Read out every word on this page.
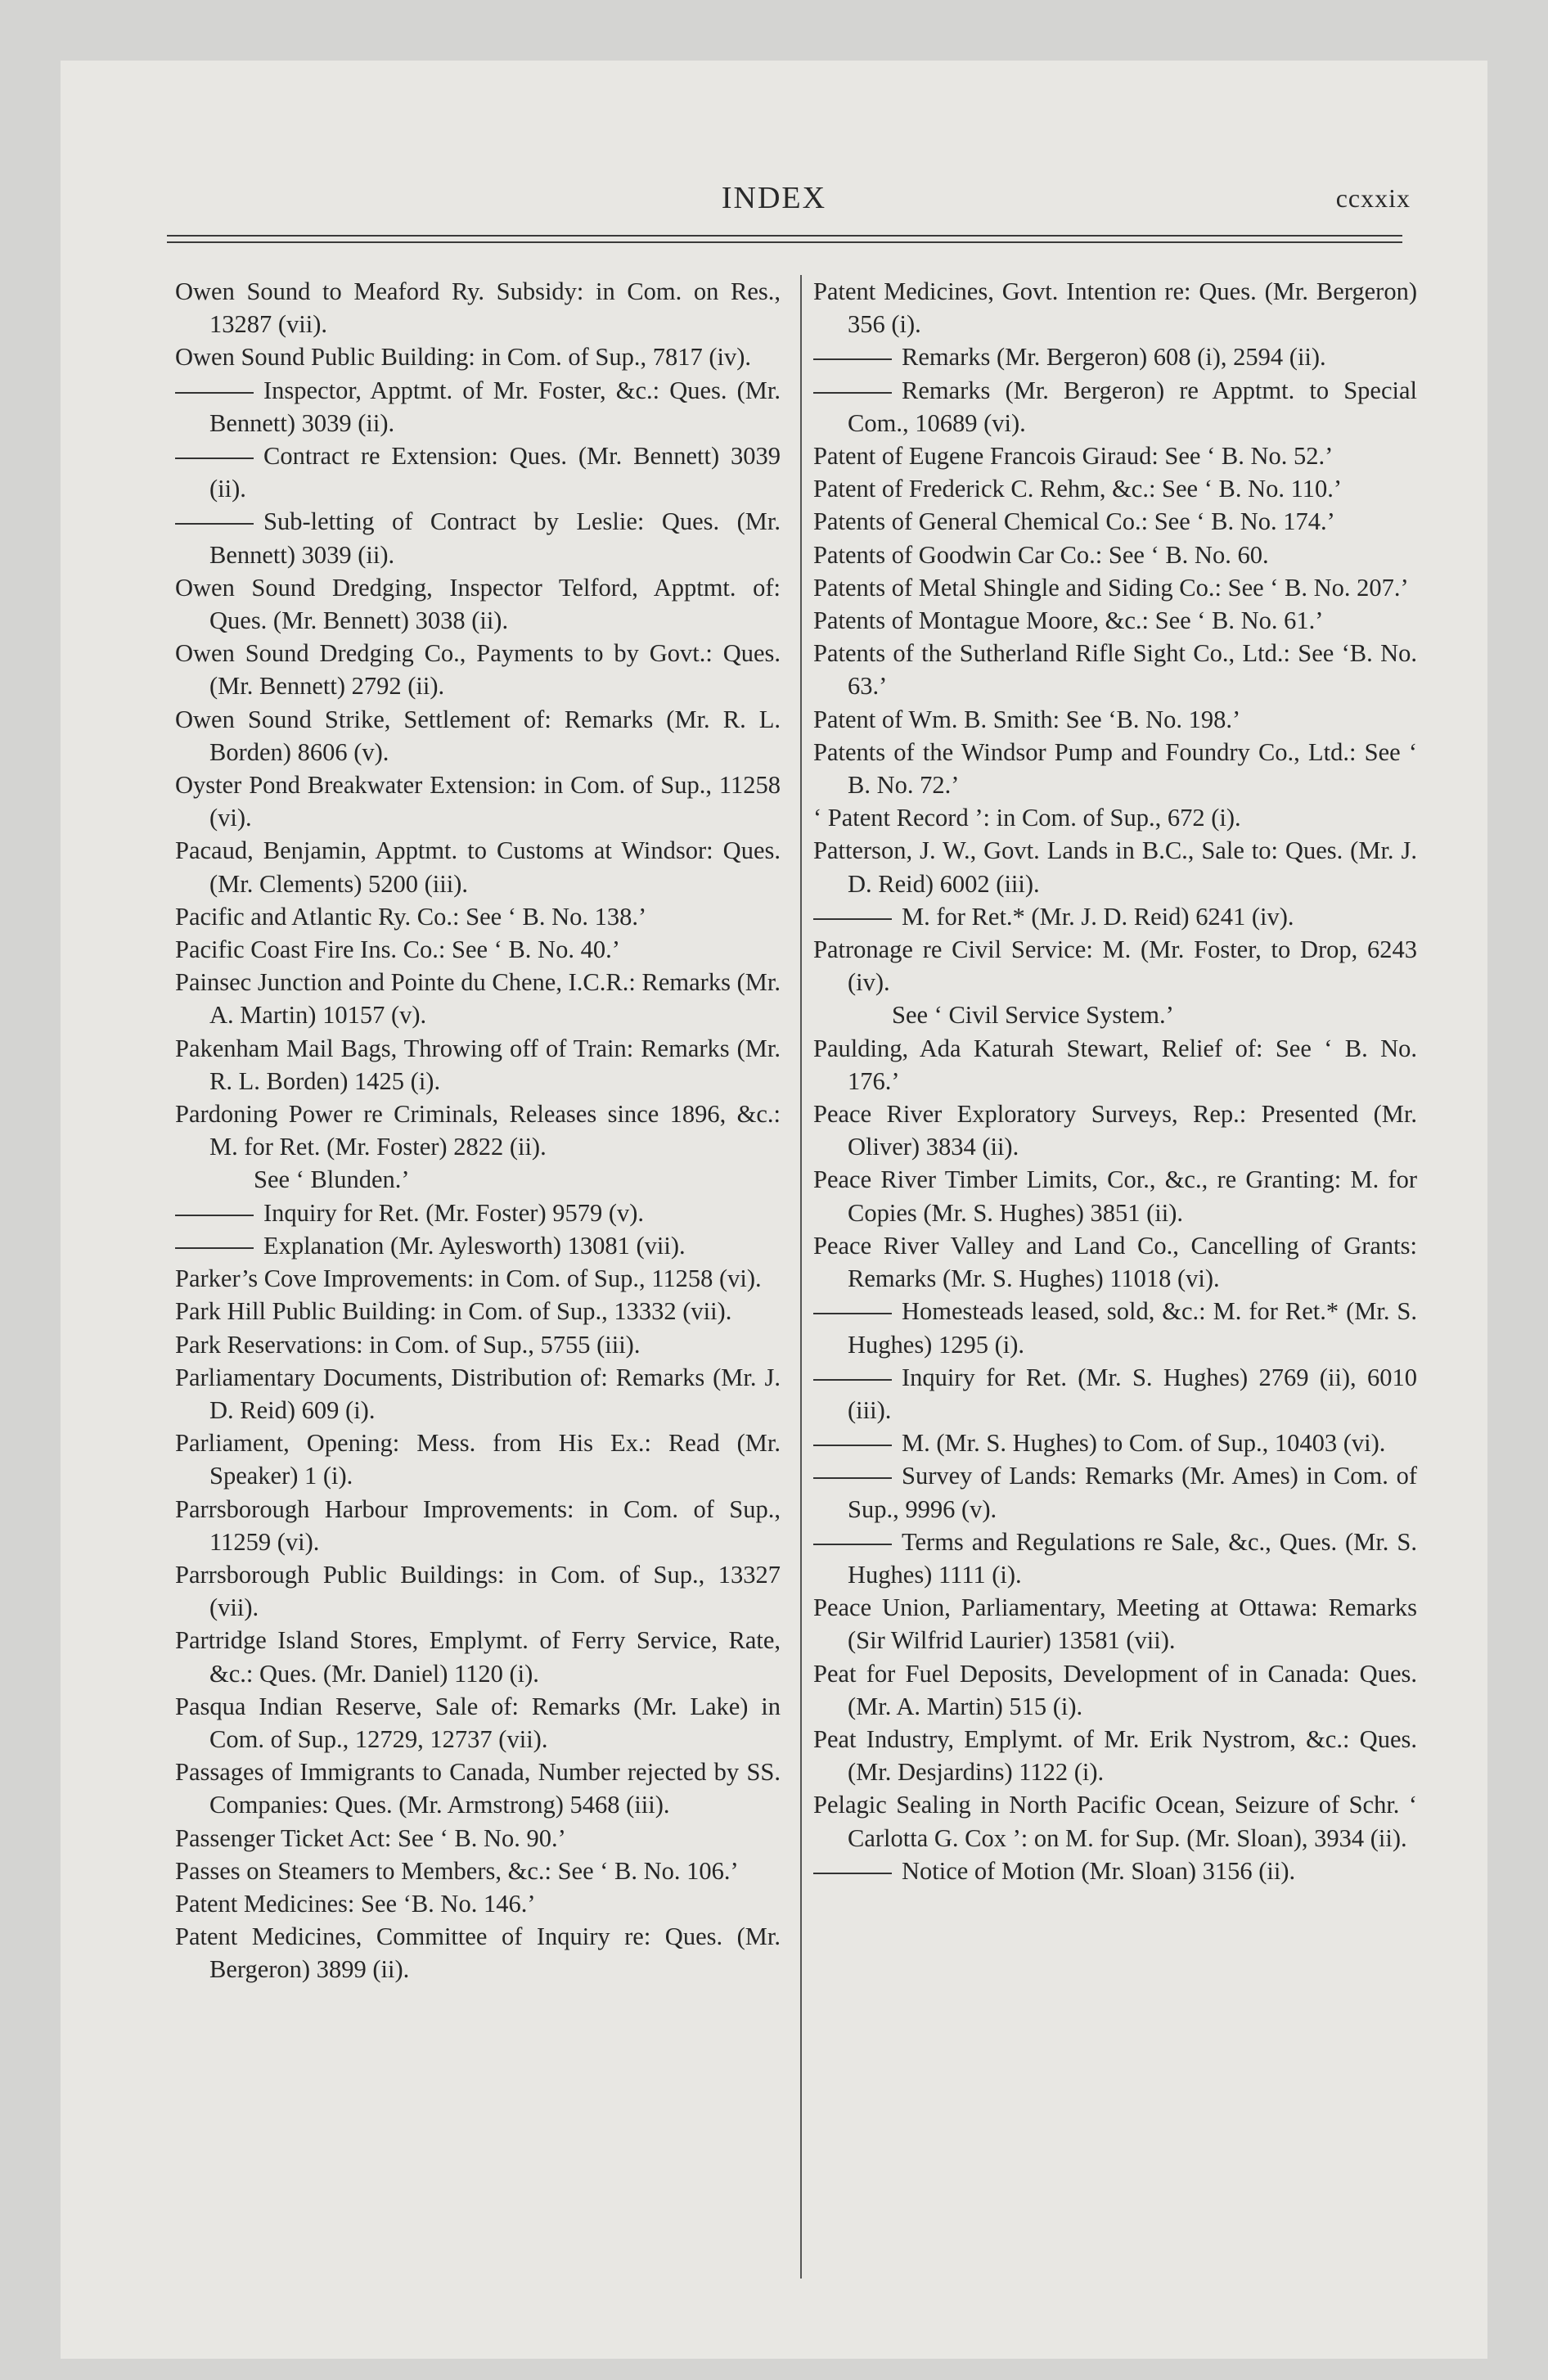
INDEX	ccxxix

Owen Sound to Meaford Ry. Subsidy: in Com. on Res., 13287 (vii).

Owen Sound Public Building: in Com. of Sup., 7817 (iv).

Inspector, Apptmt. of Mr. Foster, &c.: Ques. (Mr. Bennett) 3039 (ii).

Contract re Extension: Ques. (Mr. Bennett) 3039 (ii).

Sub-letting of Contract by Leslie: Ques. (Mr. Bennett) 3039 (ii).

Owen Sound Dredging, Inspector Telford, Apptmt. of: Ques. (Mr. Bennett) 3038 (ii).

Owen Sound Dredging Co., Payments to by Govt.: Ques. (Mr. Bennett) 2792 (ii).

Owen Sound Strike, Settlement of: Remarks (Mr. R. L. Borden) 8606 (v).

Oyster Pond Breakwater Extension: in Com. of Sup., 11258 (vi).

Pacaud, Benjamin, Apptmt. to Customs at Windsor: Ques. (Mr. Clements) 5200 (iii).

Pacific and Atlantic Ry. Co.: See ‘ B. No. 138.’

Pacific Coast Fire Ins. Co.: See ‘ B. No. 40.’

Painsec Junction and Pointe du Chene, I.C.R.: Remarks (Mr. A. Martin) 10157 (v).

Pakenham Mail Bags, Throwing off of Train: Remarks (Mr. R. L. Borden) 1425 (i).

Pardoning Power re Criminals, Releases since 1896, &c.: M. for Ret. (Mr. Foster) 2822 (ii).

See ‘ Blunden.’

Inquiry for Ret. (Mr. Foster) 9579 (v).

Explanation (Mr. Aylesworth) 13081 (vii).

Parker’s Cove Improvements: in Com. of Sup., 11258 (vi).

Park Hill Public Building: in Com. of Sup., 13332 (vii).

Park Reservations: in Com. of Sup., 5755 (iii).

Parliamentary Documents, Distribution of: Remarks (Mr. J. D. Reid) 609 (i).

Parliament, Opening: Mess. from His Ex.: Read (Mr. Speaker) 1 (i).

Parrsborough Harbour Improvements: in Com. of Sup., 11259 (vi).

Parrsborough Public Buildings: in Com. of Sup., 13327 (vii).

Partridge Island Stores, Emplymt. of Ferry Service, Rate, &c.: Ques. (Mr. Daniel) 1120 (i).

Pasqua Indian Reserve, Sale of: Remarks (Mr. Lake) in Com. of Sup., 12729, 12737 (vii).

Passages of Immigrants to Canada, Number rejected by SS. Companies: Ques. (Mr. Armstrong) 5468 (iii).

Passenger Ticket Act: See ‘ B. No. 90.’

Passes on Steamers to Members, &c.: See ‘ B. No. 106.’

Patent Medicines: See ‘B. No. 146.’

Patent Medicines, Committee of Inquiry re: Ques. (Mr. Bergeron) 3899 (ii).

Patent Medicines, Govt. Intention re: Ques. (Mr. Bergeron) 356 (i).

Remarks (Mr. Bergeron) 608 (i), 2594 (ii).

Remarks (Mr. Bergeron) re Apptmt. to Special Com., 10689 (vi).

Patent of Eugene Francois Giraud: See ‘ B. No. 52.’

Patent of Frederick C. Rehm, &c.: See ‘ B. No. 110.’

Patents of General Chemical Co.: See ‘ B. No. 174.’

Patents of Goodwin Car Co.: See ‘ B. No. 60.

Patents of Metal Shingle and Siding Co.: See ‘ B. No. 207.’

Patents of Montague Moore, &c.: See ‘ B. No. 61.’

Patents of the Sutherland Rifle Sight Co., Ltd.: See ‘B. No. 63.’

Patent of Wm. B. Smith: See ‘B. No. 198.’

Patents of the Windsor Pump and Foundry Co., Ltd.: See ‘ B. No. 72.’

‘ Patent Record ’: in Com. of Sup., 672 (i).

Patterson, J. W., Govt. Lands in B.C., Sale to: Ques. (Mr. J. D. Reid) 6002 (iii).

M. for Ret.* (Mr. J. D. Reid) 6241 (iv).

Patronage re Civil Service: M. (Mr. Foster, to Drop, 6243 (iv).

See ‘ Civil Service System.’

Paulding, Ada Katurah Stewart, Relief of: See ‘ B. No. 176.’

Peace River Exploratory Surveys, Rep.: Presented (Mr. Oliver) 3834 (ii).

Peace River Timber Limits, Cor., &c., re Granting: M. for Copies (Mr. S. Hughes) 3851 (ii).

Peace River Valley and Land Co., Cancelling of Grants: Remarks (Mr. S. Hughes) 11018 (vi).

Homesteads leased, sold, &c.: M. for Ret.* (Mr. S. Hughes) 1295 (i).

Inquiry for Ret. (Mr. S. Hughes) 2769 (ii), 6010 (iii).

M. (Mr. S. Hughes) to Com. of Sup., 10403 (vi).

Survey of Lands: Remarks (Mr. Ames) in Com. of Sup., 9996 (v).

Terms and Regulations re Sale, &c., Ques. (Mr. S. Hughes) 1111 (i).

Peace Union, Parliamentary, Meeting at Ottawa: Remarks (Sir Wilfrid Laurier) 13581 (vii).

Peat for Fuel Deposits, Development of in Canada: Ques. (Mr. A. Martin) 515 (i).

Peat Industry, Emplymt. of Mr. Erik Nystrom, &c.: Ques. (Mr. Desjardins) 1122 (i).

Pelagic Sealing in North Pacific Ocean, Seizure of Schr. ‘ Carlotta G. Cox ’: on M. for Sup. (Mr. Sloan), 3934 (ii).

Notice of Motion (Mr. Sloan) 3156 (ii).
